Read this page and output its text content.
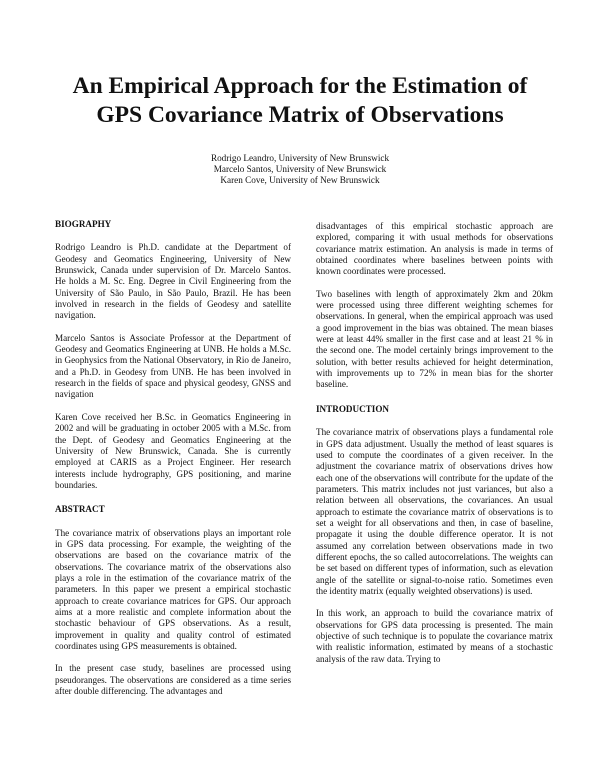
An Empirical Approach for the Estimation of
GPS Covariance Matrix of Observations
Rodrigo Leandro, University of New Brunswick
Marcelo Santos, University of New Brunswick
Karen Cove, University of New Brunswick
BIOGRAPHY

Rodrigo Leandro is Ph.D. candidate at the Department of Geodesy and Geomatics Engineering, University of New Brunswick, Canada under supervision of Dr. Marcelo Santos. He holds a M. Sc. Eng. Degree in Civil Engineering from the University of São Paulo, in São Paulo, Brazil. He has been involved in research in the fields of Geodesy and satellite navigation.

Marcelo Santos is Associate Professor at the Department of Geodesy and Geomatics Engineering at UNB. He holds a M.Sc. in Geophysics from the National Observatory, in Rio de Janeiro, and a Ph.D. in Geodesy from UNB. He has been involved in research in the fields of space and physical geodesy, GNSS and navigation

Karen Cove received her B.Sc. in Geomatics Engineering in 2002 and will be graduating in october 2005 with a M.Sc. from the Dept. of Geodesy and Geomatics Engineering at the University of New Brunswick, Canada. She is currently employed at CARIS as a Project Engineer. Her research interests include hydrography, GPS positioning, and marine boundaries.

ABSTRACT

The covariance matrix of observations plays an important role in GPS data processing. For example, the weighting of the observations are based on the covariance matrix of the observations. The covariance matrix of the observations also plays a role in the estimation of the covariance matrix of the parameters. In this paper we present a empirical stochastic approach to create covariance matrices for GPS. Our approach aims at a more realistic and complete information about the stochastic behaviour of GPS observations. As a result, improvement in quality and quality control of estimated coordinates using GPS measurements is obtained.

In the present case study, baselines are processed using pseudoranges. The observations are considered as a time series after double differencing. The advantages and

disadvantages of this empirical stochastic approach are explored, comparing it with usual methods for observations covariance matrix estimation. An analysis is made in terms of obtained coordinates where baselines between points with known coordinates were processed.

Two baselines with length of approximately 2km and 20km were processed using three different weighting schemes for observations. In general, when the empirical approach was used a good improvement in the bias was obtained. The mean biases were at least 44% smaller in the first case and at least 21 % in the second one. The model certainly brings improvement to the solution, with better results achieved for height determination, with improvements up to 72% in mean bias for the shorter baseline.

INTRODUCTION

The covariance matrix of observations plays a fundamental role in GPS data adjustment. Usually the method of least squares is used to compute the coordinates of a given receiver. In the adjustment the covariance matrix of observations drives how each one of the observations will contribute for the update of the parameters. This matrix includes not just variances, but also a relation between all observations, the covariances. An usual approach to estimate the covariance matrix of observations is to set a weight for all observations and then, in case of baseline, propagate it using the double difference operator. It is not assumed any correlation between observations made in two different epochs, the so called autocorrelations. The weights can be set based on different types of information, such as elevation angle of the satellite or signal-to-noise ratio. Sometimes even the identity matrix (equally weighted observations) is used.

In this work, an approach to build the covariance matrix of observations for GPS data processing is presented. The main objective of such technique is to populate the covariance matrix with realistic information, estimated by means of a stochastic analysis of the raw data. Trying to
